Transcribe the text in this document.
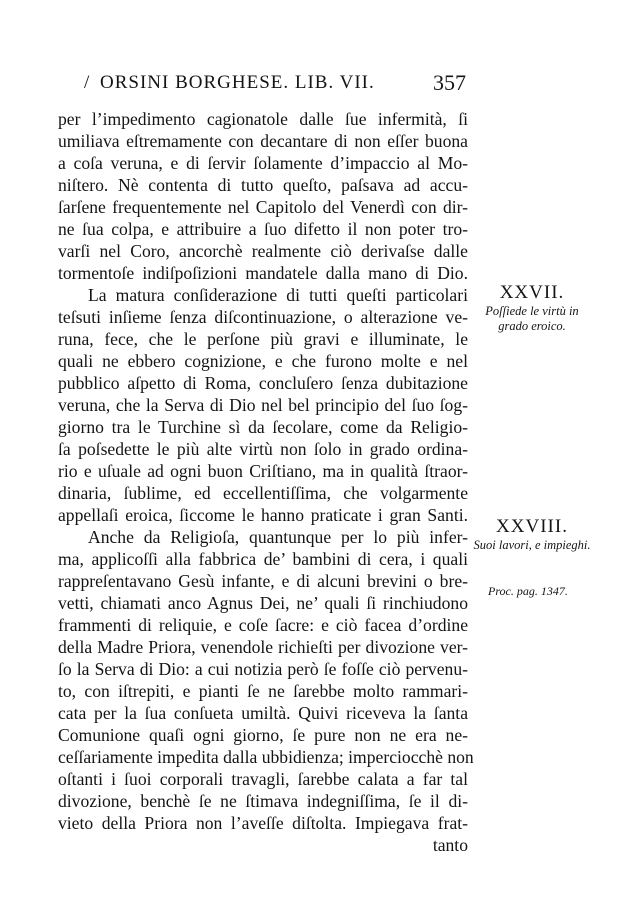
/ ORSINI BORGHESE. LIB. VII.	357
per l’impedimento cagionatole dalle ſue infermità, ſi
umiliava eſtremamente con decantare di non eſſer buona
a coſa veruna, e di ſervir ſolamente d’impaccio al Mo-
niſtero. Nè contenta di tutto queſto, paſsava ad accu-
ſarſene frequentemente nel Capitolo del Venerdì con dir-
ne ſua colpa, e attribuire a ſuo difetto il non poter tro-
varſi nel Coro, ancorchè realmente ciò derivaſse dalle
tormentoſe indiſpoſizioni mandatele dalla mano di Dio.
La matura conſiderazione di tutti queſti particolari
teſsuti inſieme ſenza diſcontinuazione, o alterazione ve-
runa, fece, che le perſone più gravi e illuminate, le
quali ne ebbero cognizione, e che furono molte e nel
pubblico aſpetto di Roma, concluſero ſenza dubitazione
veruna, che la Serva di Dio nel bel principio del ſuo ſog-
giorno tra le Turchine sì da ſecolare, come da Religio-
ſa poſsedette le più alte virtù non ſolo in grado ordina-
rio e uſuale ad ogni buon Criſtiano, ma in qualità ſtraor-
dinaria, ſublime, ed eccellentiſſima, che volgarmente
appellaſi eroica, ſiccome le hanno praticate i gran Santi.
Anche da Religioſa, quantunque per lo più infer-
ma, applicoſſi alla fabbrica de’ bambini di cera, i quali
rappreſentavano Gesù infante, e di alcuni brevini o bre-
vetti, chiamati anco Agnus Dei, ne’ quali ſi rinchiudono
frammenti di reliquie, e coſe ſacre: e ciò facea d’ordine
della Madre Priora, venendole richieſti per divozione ver-
ſo la Serva di Dio: a cui notizia però ſe foſſe ciò pervenu-
to, con iſtrepiti, e pianti ſe ne ſarebbe molto rammari-
cata per la ſua conſueta umiltà. Quivi riceveva la ſanta
Comunione quaſi ogni giorno, ſe pure non ne era ne-
ceſſariamente impedita dalla ubbidienza; imperciocchè non
oſtanti i ſuoi corporali travagli, ſarebbe calata a far tal
divozione, benchè ſe ne ſtimava indegniſſima, ſe il di-
vieto della Priora non l’aveſſe diſtolta. Impiegava frat-
tanto
XXVII.
Poſſiede le virtù in grado eroico.
XXVIII.
Suoi lavori, e impieghi.
Proc. pag. 1347.
